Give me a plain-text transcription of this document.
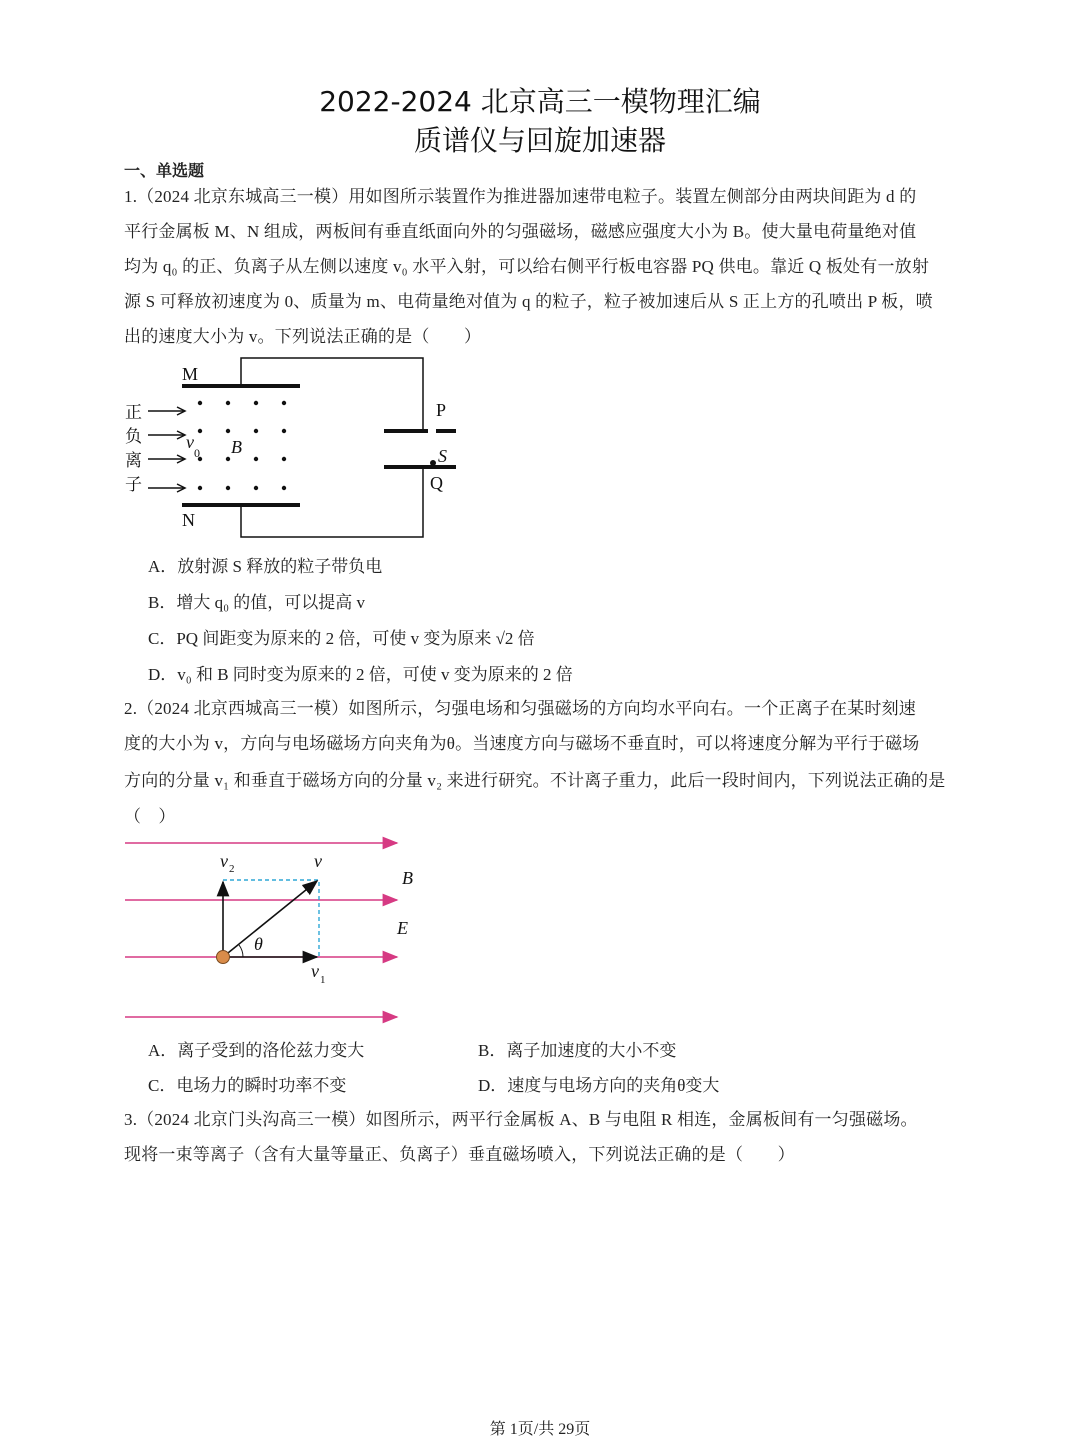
2022-2024 北京高三一模物理汇编
质谱仪与回旋加速器
一、单选题
1.（2024 北京东城高三一模）用如图所示装置作为推进器加速带电粒子。装置左侧部分由两块间距为 d 的
平行金属板 M、N 组成，两板间有垂直纸面向外的匀强磁场，磁感应强度大小为 B。使大量电荷量绝对值
均为 q₀ 的正、负离子从左侧以速度 v₀ 水平入射，可以给右侧平行板电容器 PQ 供电。靠近 Q 板处有一放射
源 S 可释放初速度为 0、质量为 m、电荷量绝对值为 q 的粒子，粒子被加速后从 S 正上方的孔喷出 P 板，喷
出的速度大小为 v。下列说法正确的是（　　）
M
N
P
Q
S
B
v
0
正
负
离
子
A．放射源 S 释放的粒子带负电
B．增大 q₀ 的值，可以提高 v
C．PQ 间距变为原来的 2 倍，可使 v 变为原来 √2 倍
D．v₀ 和 B 同时变为原来的 2 倍，可使 v 变为原来的 2 倍
2.（2024 北京西城高三一模）如图所示，匀强电场和匀强磁场的方向均水平向右。一个正离子在某时刻速
度的大小为 v，方向与电场磁场方向夹角为θ。当速度方向与磁场不垂直时，可以将速度分解为平行于磁场
方向的分量 v₁ 和垂直于磁场方向的分量 v₂ 来进行研究。不计离子重力，此后一段时间内，下列说法正确的是
（　）
v 2	v
v 1
θ
B
E
A．离子受到的洛伦兹力变大	B．离子加速度的大小不变
C．电场力的瞬时功率不变	D．速度与电场方向的夹角θ变大
3.（2024 北京门头沟高三一模）如图所示，两平行金属板 A、B 与电阻 R 相连，金属板间有一匀强磁场。
现将一束等离子（含有大量等量正、负离子）垂直磁场喷入，下列说法正确的是（　　）
第 1页/共 29页
